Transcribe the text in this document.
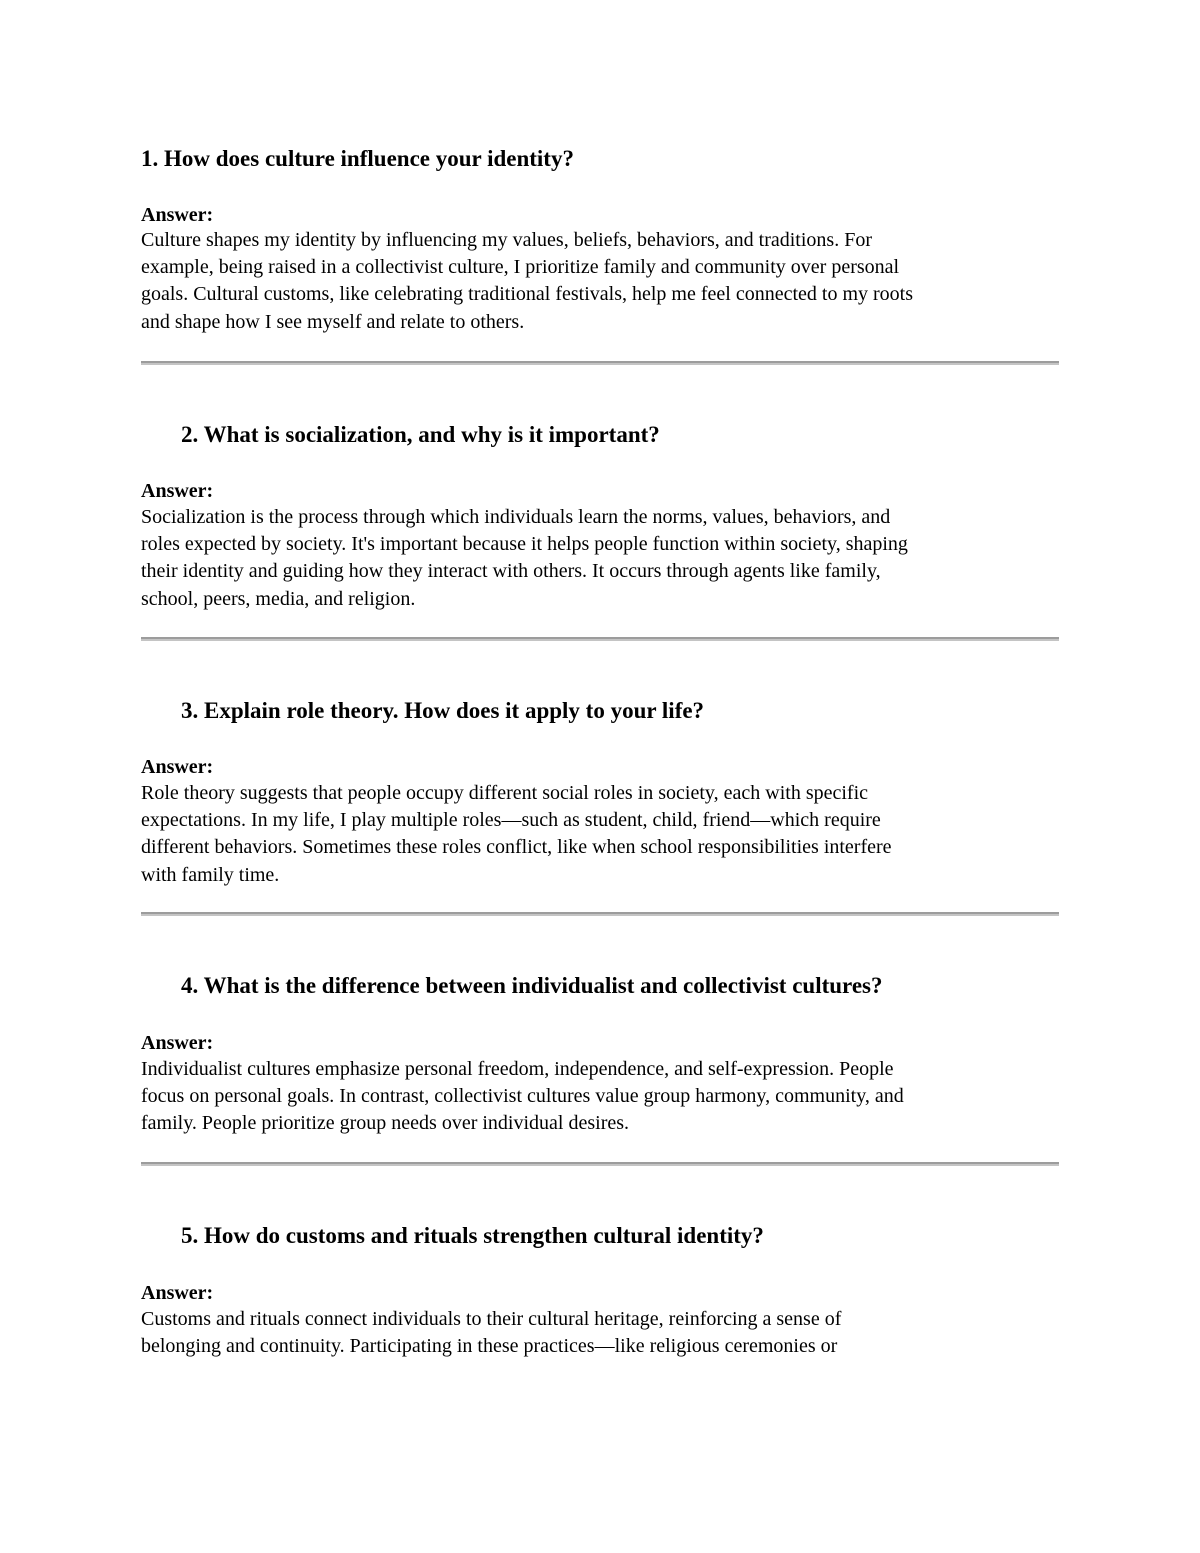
1. How does culture influence your identity?
Answer:
Culture shapes my identity by influencing my values, beliefs, behaviors, and traditions. For
example, being raised in a collectivist culture, I prioritize family and community over personal
goals. Cultural customs, like celebrating traditional festivals, help me feel connected to my roots
and shape how I see myself and relate to others.
2. What is socialization, and why is it important?
Answer:
Socialization is the process through which individuals learn the norms, values, behaviors, and
roles expected by society. It's important because it helps people function within society, shaping
their identity and guiding how they interact with others. It occurs through agents like family,
school, peers, media, and religion.
3. Explain role theory. How does it apply to your life?
Answer:
Role theory suggests that people occupy different social roles in society, each with specific
expectations. In my life, I play multiple roles—such as student, child, friend—which require
different behaviors. Sometimes these roles conflict, like when school responsibilities interfere
with family time.
4. What is the difference between individualist and collectivist cultures?
Answer:
Individualist cultures emphasize personal freedom, independence, and self-expression. People
focus on personal goals. In contrast, collectivist cultures value group harmony, community, and
family. People prioritize group needs over individual desires.
5. How do customs and rituals strengthen cultural identity?
Answer:
Customs and rituals connect individuals to their cultural heritage, reinforcing a sense of
belonging and continuity. Participating in these practices—like religious ceremonies or
